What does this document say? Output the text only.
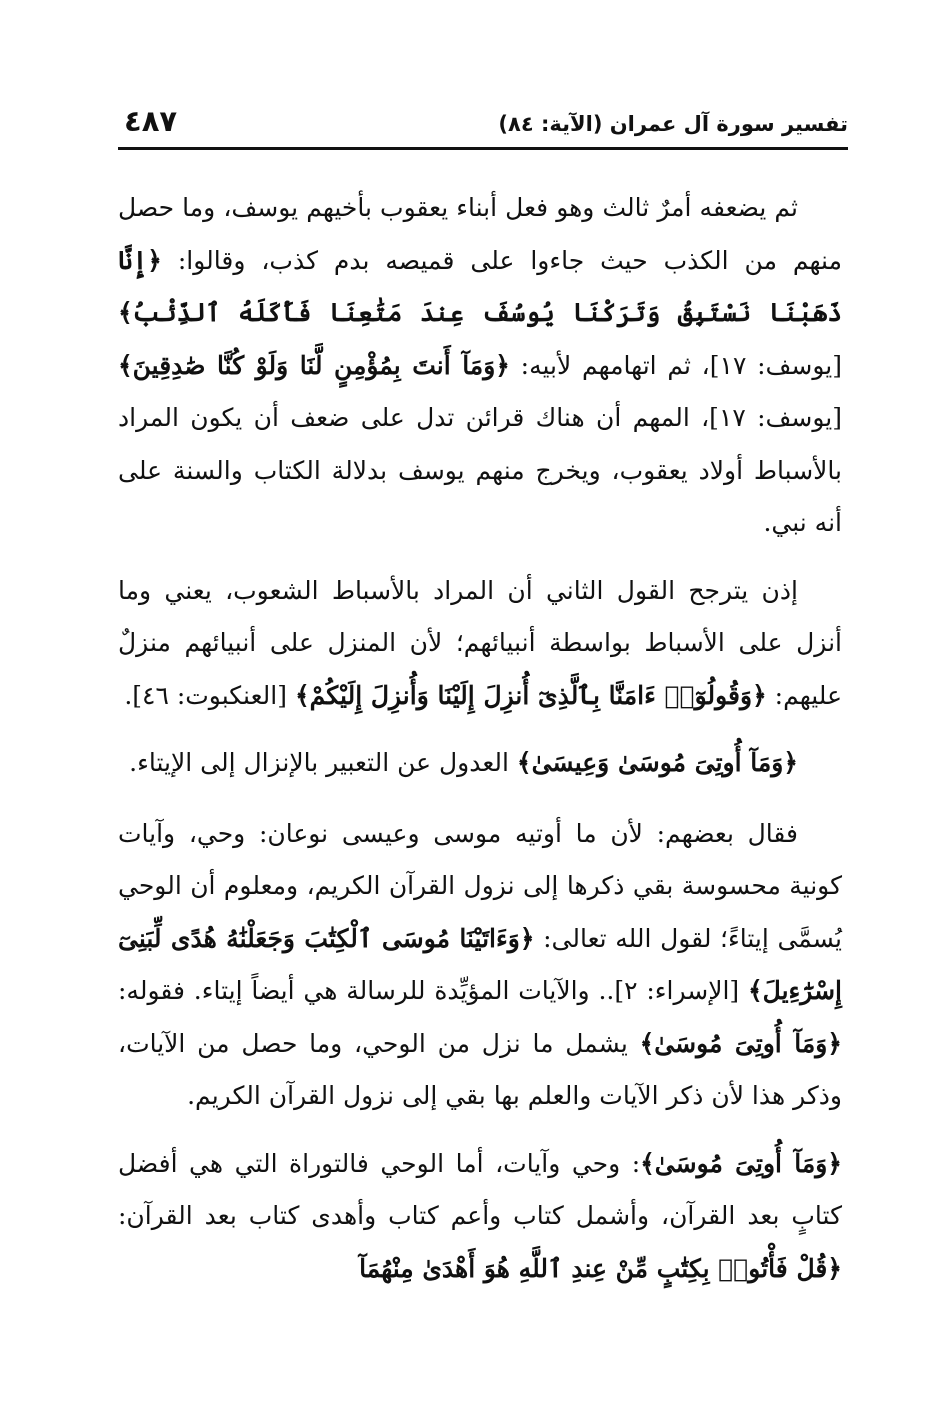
تفسير سورة آل عمران (الآية: ٨٤)
٤٨٧

ثم يضعفه أمرٌ ثالث وهو فعل أبناء يعقوب بأخيهم يوسف، وما حصل منهم من الكذب حيث جاءوا على قميصه بدم كذب، وقالوا: ﴿إِنَّا ذَهَبْنَا نَسْتَبِقُ وَتَرَكْنَا يُوسُفَ عِندَ مَتَٰعِنَا فَأَكَلَهُ ٱلذِّئْبُ﴾ [يوسف: ١٧]، ثم اتهامهم لأبيه: ﴿وَمَآ أَنتَ بِمُؤْمِنٍ لَّنَا وَلَوْ كُنَّا صَٰدِقِينَ﴾ [يوسف: ١٧]، المهم أن هناك قرائن تدل على ضعف أن يكون المراد بالأسباط أولاد يعقوب، ويخرج منهم يوسف بدلالة الكتاب والسنة على أنه نبي.

إذن يترجح القول الثاني أن المراد بالأسباط الشعوب، يعني وما أنزل على الأسباط بواسطة أنبيائهم؛ لأن المنزل على أنبيائهم منزلٌ عليهم: ﴿وَقُولُوٓا۟ ءَامَنَّا بِٱلَّذِىٓ أُنزِلَ إِلَيْنَا وَأُنزِلَ إِلَيْكُمْ﴾ [العنكبوت: ٤٦].

﴿وَمَآ أُوتِىَ مُوسَىٰ وَعِيسَىٰ﴾ العدول عن التعبير بالإنزال إلى الإيتاء.

فقال بعضهم: لأن ما أوتيه موسى وعيسى نوعان: وحي، وآيات كونية محسوسة بقي ذكرها إلى نزول القرآن الكريم، ومعلوم أن الوحي يُسمَّى إيتاءً؛ لقول الله تعالى: ﴿وَءَاتَيْنَا مُوسَى ٱلْكِتَٰبَ وَجَعَلْنَٰهُ هُدًى لِّبَنِىٓ إِسْرَٰٓءِيلَ﴾ [الإسراء: ٢].. والآيات المؤيِّدة للرسالة هي أيضاً إيتاء. فقوله: ﴿وَمَآ أُوتِىَ مُوسَىٰ﴾ يشمل ما نزل من الوحي، وما حصل من الآيات، وذكر هذا لأن ذكر الآيات والعلم بها بقي إلى نزول القرآن الكريم.

﴿وَمَآ أُوتِىَ مُوسَىٰ﴾: وحي وآيات، أما الوحي فالتوراة التي هي أفضل كتابٍ بعد القرآن، وأشمل كتاب وأعم كتاب وأهدى كتاب بعد القرآن: ﴿قُلْ فَأْتُوا۟ بِكِتَٰبٍ مِّنْ عِندِ ٱللَّهِ هُوَ أَهْدَىٰ مِنْهُمَآ
